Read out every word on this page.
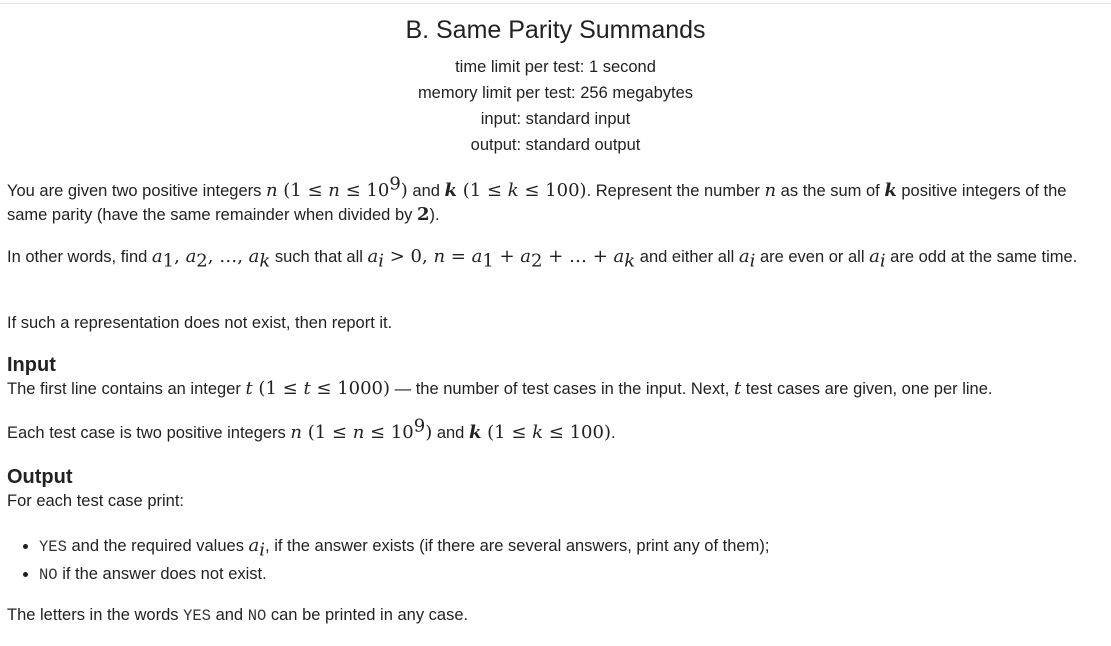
B. Same Parity Summands
time limit per test: 1 second
memory limit per test: 256 megabytes
input: standard input
output: standard output
You are given two positive integers n $(1 \le n \le 10^9)$ and k (1 ≤ k ≤ 100). Represent the number n as the sum of k positive integers of the same parity (have the same remainder when divided by 2).
In other words, find $a_1$, $a_2$, …, $a_k$ such that all $a_i > 0$, $n = a_1 + a_2$ + … + $a_k$ and either all $a_i$ are even or all $a_i$ are odd at the same time.
If such a representation does not exist, then report it.
Input
The first line contains an integer t (1 ≤ t ≤ 1000) — the number of test cases in the input. Next, t test cases are given, one per line.
Each test case is two positive integers n $(1 \le n \le 10^9)$ and k (1 ≤ k ≤ 100).
Output
For each test case print:
• YES and the required values $a_i$, if the answer exists (if there are several answers, print any of them);
• NO if the answer does not exist.
The letters in the words YES and NO can be printed in any case.
